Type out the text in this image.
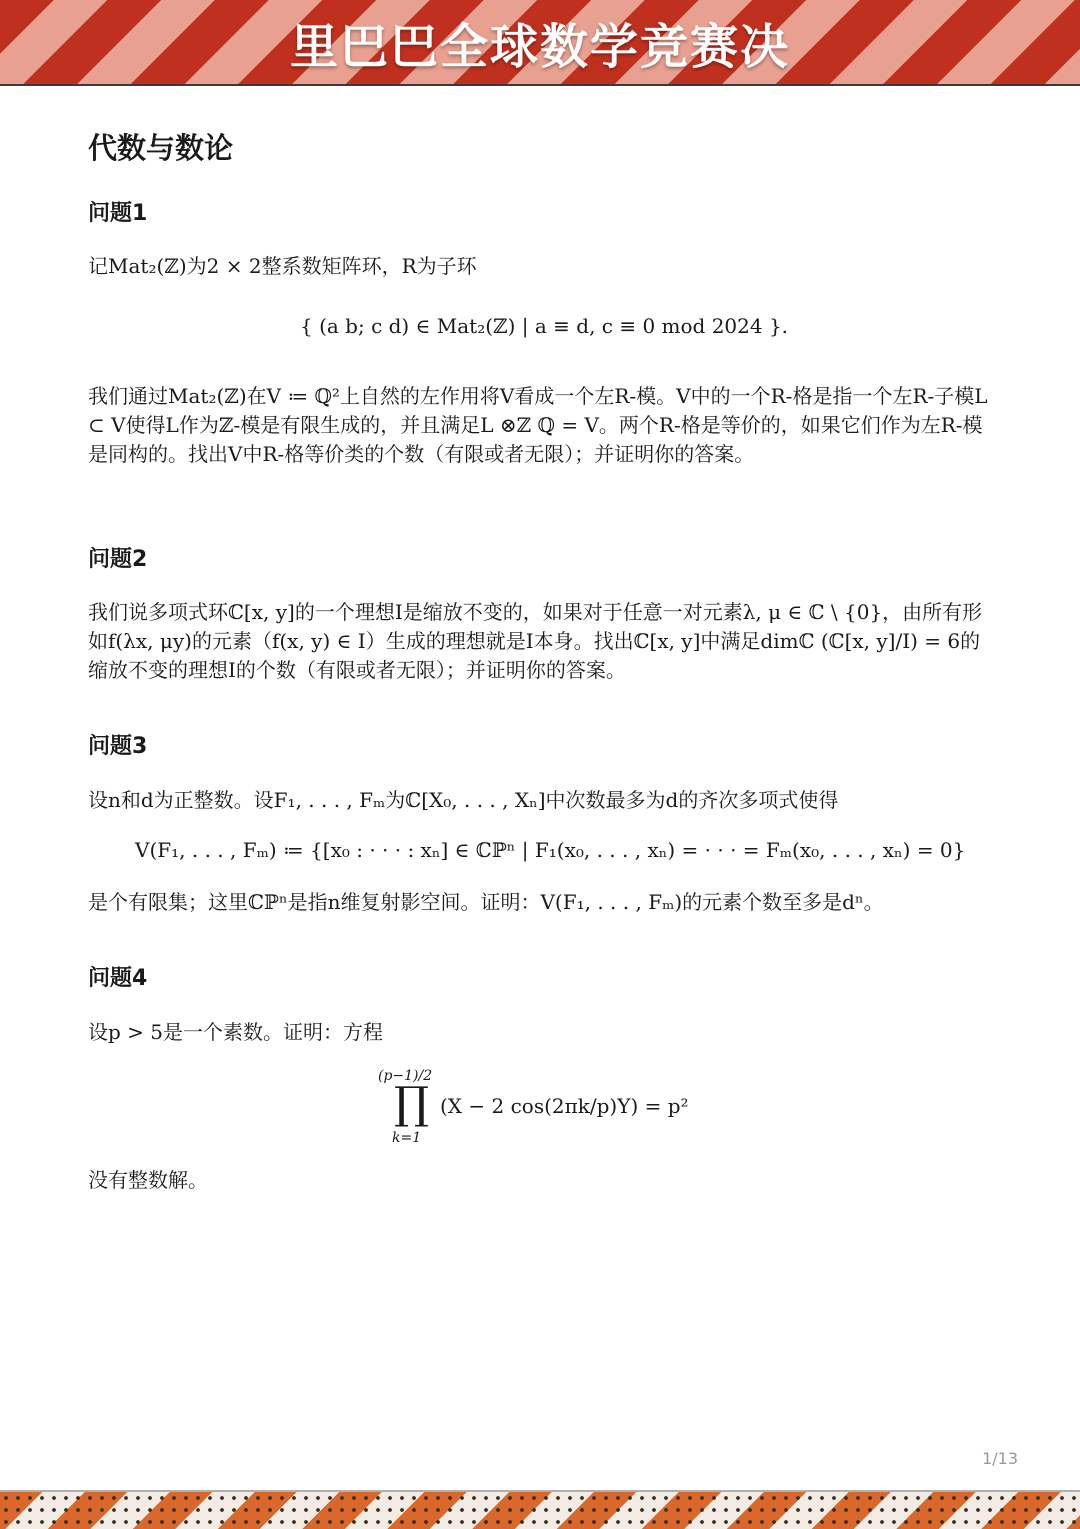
里巴巴全球数学竞赛决
代数与数论
问题1
记Mat₂(ℤ)为2 × 2整系数矩阵环，R为子环
{ (a b; c d) ∈ Mat₂(ℤ) | a ≡ d, c ≡ 0 mod 2024 }.
我们通过Mat₂(ℤ)在V ≔ ℚ²上自然的左作用将V看成一个左R-模。V中的一个R-格是指一个左R-子模L ⊂ V使得L作为ℤ-模是有限生成的，并且满足L ⊗ℤ ℚ = V。两个R-格是等价的，如果它们作为左R-模是同构的。找出V中R-格等价类的个数（有限或者无限）；并证明你的答案。
问题2
我们说多项式环ℂ[x, y]的一个理想I是缩放不变的，如果对于任意一对元素λ, μ ∈ ℂ \ {0}，由所有形如f(λx, μy)的元素（f(x, y) ∈ I）生成的理想就是I本身。找出ℂ[x, y]中满足dimℂ (ℂ[x, y]/I) = 6的缩放不变的理想I的个数（有限或者无限）；并证明你的答案。
问题3
设n和d为正整数。设F₁, . . . , Fₘ为ℂ[X₀, . . . , Xₙ]中次数最多为d的齐次多项式使得
V(F₁, . . . , Fₘ) ≔ {[x₀ : · · · : xₙ] ∈ ℂℙⁿ | F₁(x₀, . . . , xₙ) = · · · = Fₘ(x₀, . . . , xₙ) = 0}
是个有限集；这里ℂℙⁿ是指n维复射影空间。证明：V(F₁, . . . , Fₘ)的元素个数至多是dⁿ。
问题4
设p > 5是一个素数。证明：方程
(p−1)/2
∏
k=1
(X − 2 cos(2πk/p)Y) = p²
没有整数解。
1/13
